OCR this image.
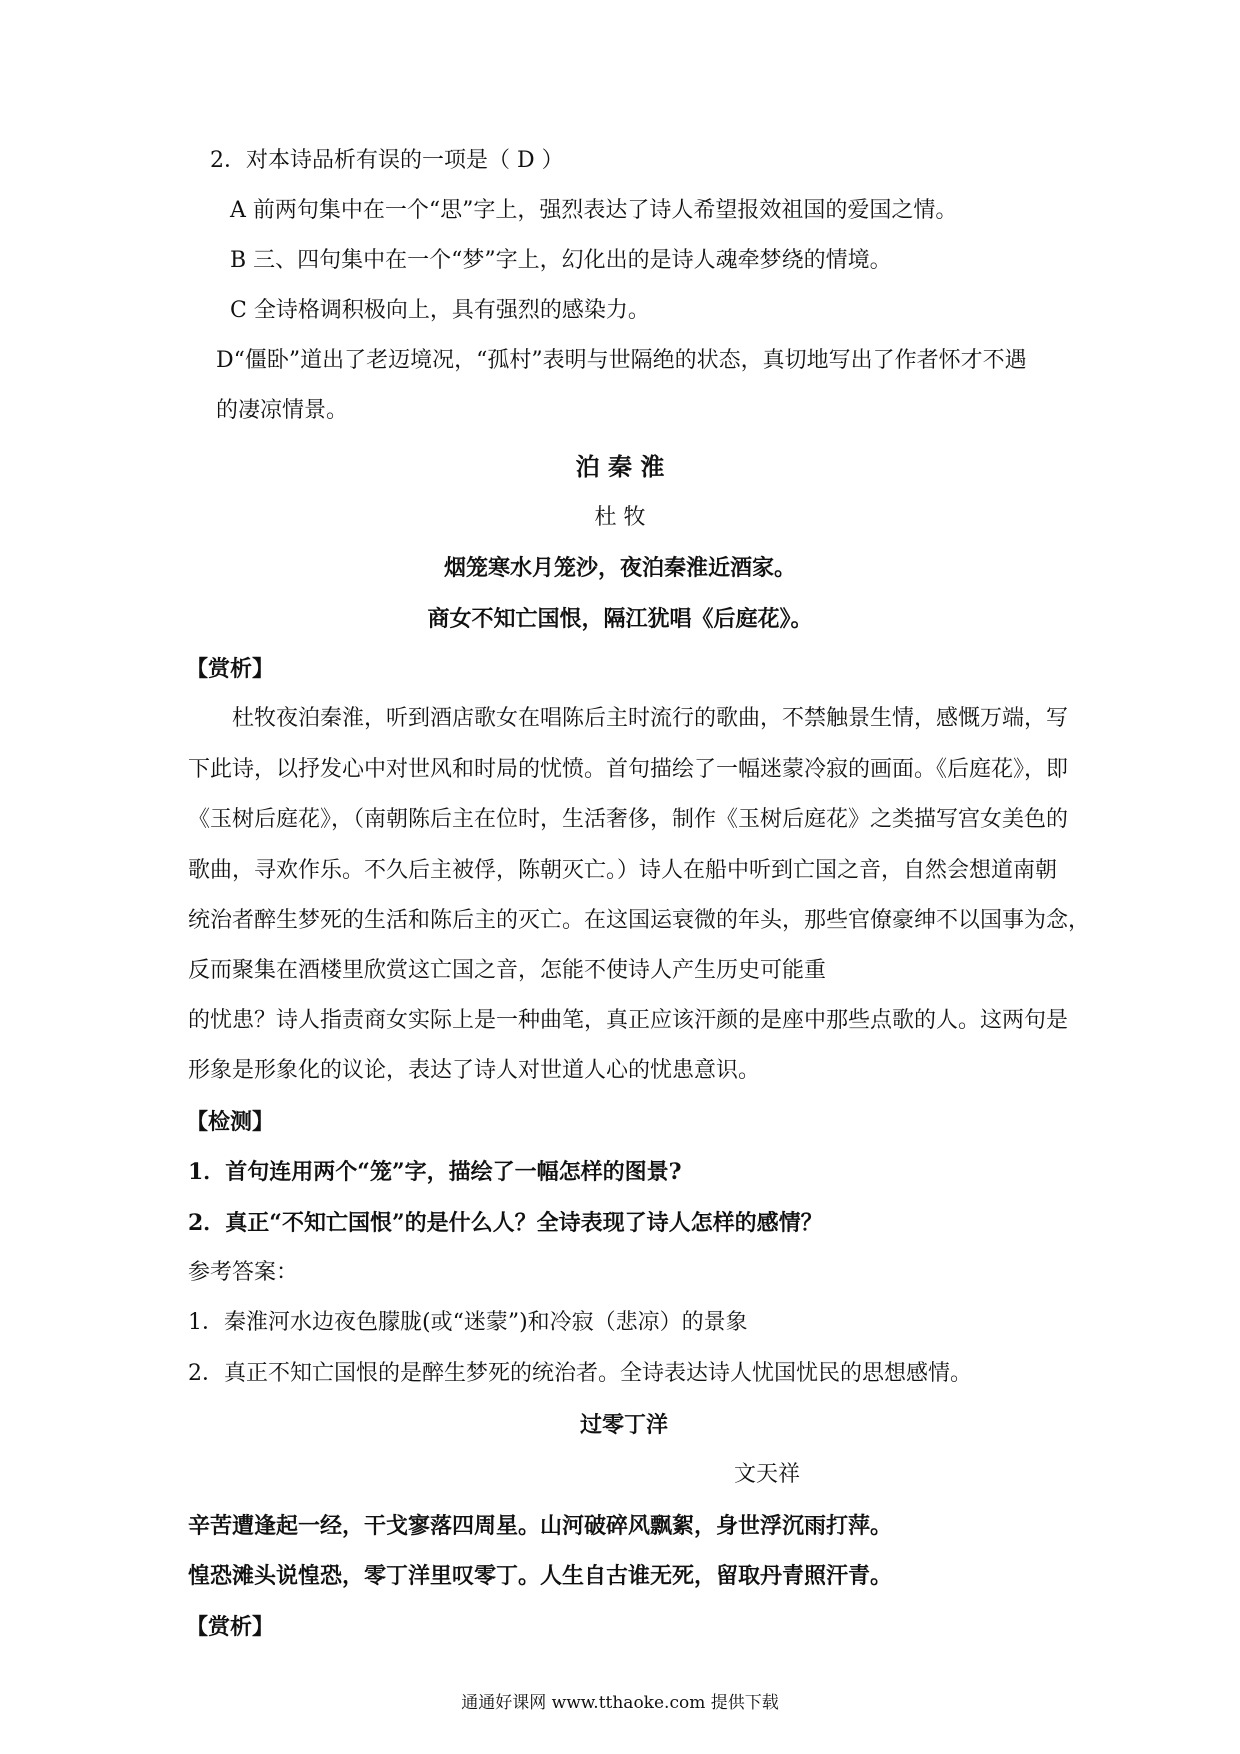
2．对本诗品析有误的一项是（ D ）
A 前两句集中在一个“思”字上，强烈表达了诗人希望报效祖国的爱国之情。
B 三、四句集中在一个“梦”字上，幻化出的是诗人魂牵梦绕的情境。
C 全诗格调积极向上，具有强烈的感染力。
D“僵卧”道出了老迈境况，“孤村”表明与世隔绝的状态，真切地写出了作者怀才不遇
的凄凉情景。
泊 秦 淮
杜 牧
烟笼寒水月笼沙，夜泊秦淮近酒家。
商女不知亡国恨，隔江犹唱《后庭花》。
【赏析】
杜牧夜泊秦淮，听到酒店歌女在唱陈后主时流行的歌曲，不禁触景生情，感慨万端，写
下此诗，以抒发心中对世风和时局的忧愤。首句描绘了一幅迷蒙冷寂的画面。《后庭花》，即
《玉树后庭花》，（南朝陈后主在位时，生活奢侈，制作《玉树后庭花》之类描写宫女美色的
歌曲，寻欢作乐。不久后主被俘，陈朝灭亡。）诗人在船中听到亡国之音，自然会想道南朝
统治者醉生梦死的生活和陈后主的灭亡。在这国运衰微的年头，那些官僚豪绅不以国事为念，
反而聚集在酒楼里欣赏这亡国之音，怎能不使诗人产生历史可能重
的忧患？诗人指责商女实际上是一种曲笔，真正应该汗颜的是座中那些点歌的人。这两句是
形象是形象化的议论，表达了诗人对世道人心的忧患意识。
【检测】
1．首句连用两个“笼”字，描绘了一幅怎样的图景?
2．真正“不知亡国恨”的是什么人？全诗表现了诗人怎样的感情？
参考答案：
1．秦淮河水边夜色朦胧(或“迷蒙”)和冷寂（悲凉）的景象
2．真正不知亡国恨的是醉生梦死的统治者。全诗表达诗人忧国忧民的思想感情。
过零丁洋
文天祥
辛苦遭逢起一经，干戈寥落四周星。山河破碎风飘絮，身世浮沉雨打萍。
惶恐滩头说惶恐，零丁洋里叹零丁。人生自古谁无死，留取丹青照汗青。
【赏析】
通通好课网 www.tthaoke.com 提供下载
